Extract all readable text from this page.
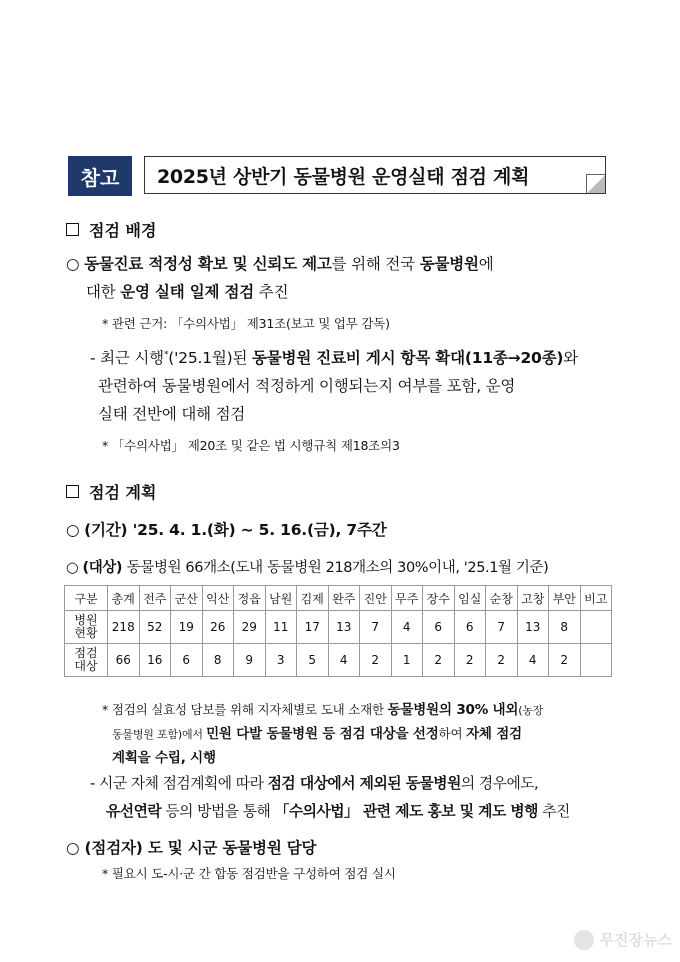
참고	2025년 상반기 동물병원 운영실태 점검 계획
점검 배경
○ 동물진료 적정성 확보 및 신뢰도 제고를 위해 전국 동물병원에
대한 운영 실태 일제 점검 추진
* 관련 근거: 「수의사법」 제31조(보고 및 업무 감독)
- 최근 시행*('25.1월)된 동물병원 진료비 게시 항목 확대(11종→20종)와
관련하여 동물병원에서 적정하게 이행되는지 여부를 포함, 운영
실태 전반에 대해 점검
* 「수의사법」 제20조 및 같은 법 시행규칙 제18조의3
점검 계획
○ (기간) '25. 4. 1.(화) ~ 5. 16.(금), 7주간
○ (대상) 동물병원 66개소(도내 동물병원 218개소의 30%이내, '25.1월 기준)
구분	총계	전주	군산	익산	정읍	남원	김제	완주	진안	무주	장수	임실	순창	고창	부안	비고
병원
현황	218	52	19	26	29	11	17	13	7	4	6	6	7	13	8	
점검
대상	66	16	6	8	9	3	5	4	2	1	2	2	2	4	2	
* 점검의 실효성 담보를 위해 지자체별로 도내 소재한 동물병원의 30% 내외(농장
동물병원 포함)에서 민원 다발 동물병원 등 점검 대상을 선정하여 자체 점검
계획을 수립, 시행
- 시군 자체 점검계획에 따라 점검 대상에서 제외된 동물병원의 경우에도,
유선연락 등의 방법을 통해 「수의사법」 관련 제도 홍보 및 계도 병행 추진
○ (점검자) 도 및 시군 동물병원 담당
* 필요시 도-시·군 간 합동 점검반을 구성하여 점검 실시
무진장뉴스
